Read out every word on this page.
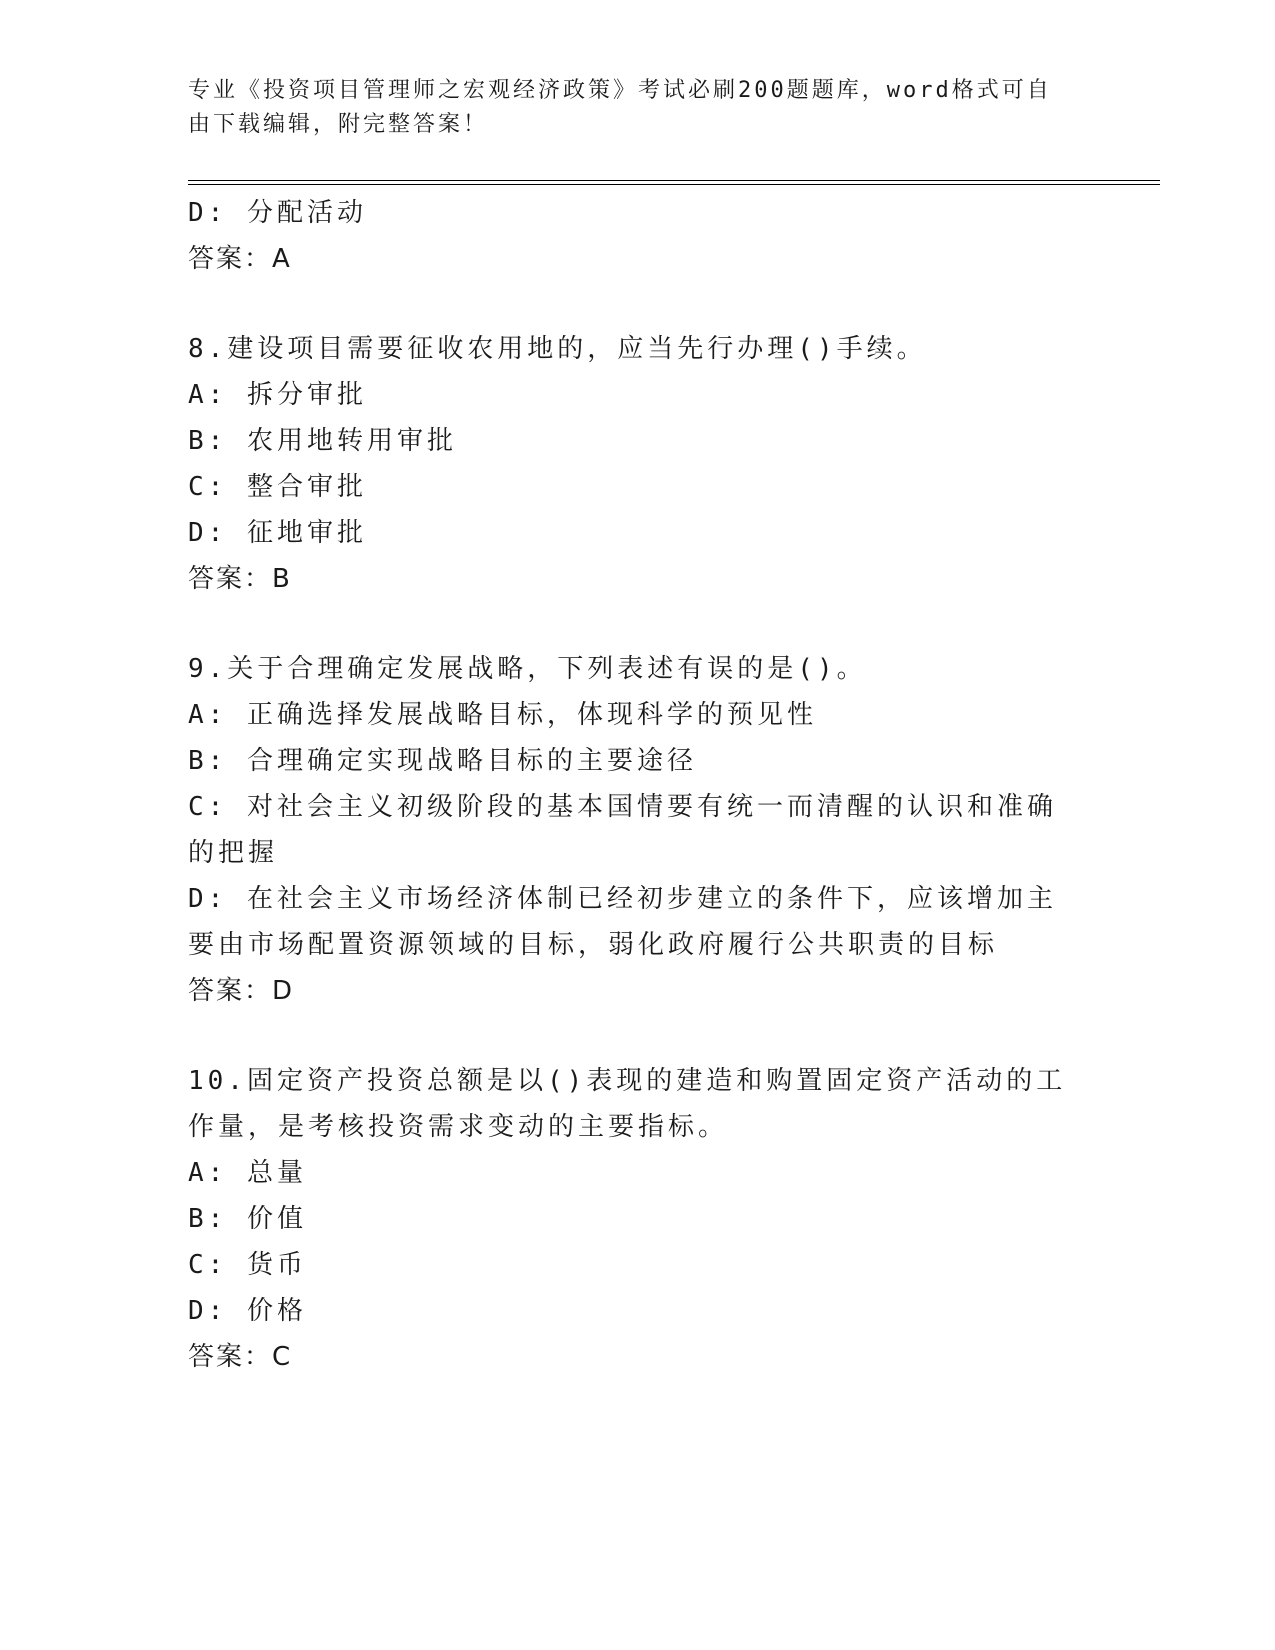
专业《投资项目管理师之宏观经济政策》考试必刷200题题库，word格式可自由下载编辑，附完整答案！
D: 分配活动
答案：A
8.建设项目需要征收农用地的，应当先行办理()手续。
A: 拆分审批
B: 农用地转用审批
C: 整合审批
D: 征地审批
答案：B
9.关于合理确定发展战略，下列表述有误的是()。
A: 正确选择发展战略目标，体现科学的预见性
B: 合理确定实现战略目标的主要途径
C: 对社会主义初级阶段的基本国情要有统一而清醒的认识和准确的把握
D: 在社会主义市场经济体制已经初步建立的条件下，应该增加主要由市场配置资源领域的目标，弱化政府履行公共职责的目标
答案：D
10.固定资产投资总额是以()表现的建造和购置固定资产活动的工作量，是考核投资需求变动的主要指标。
A: 总量
B: 价值
C: 货币
D: 价格
答案：C
